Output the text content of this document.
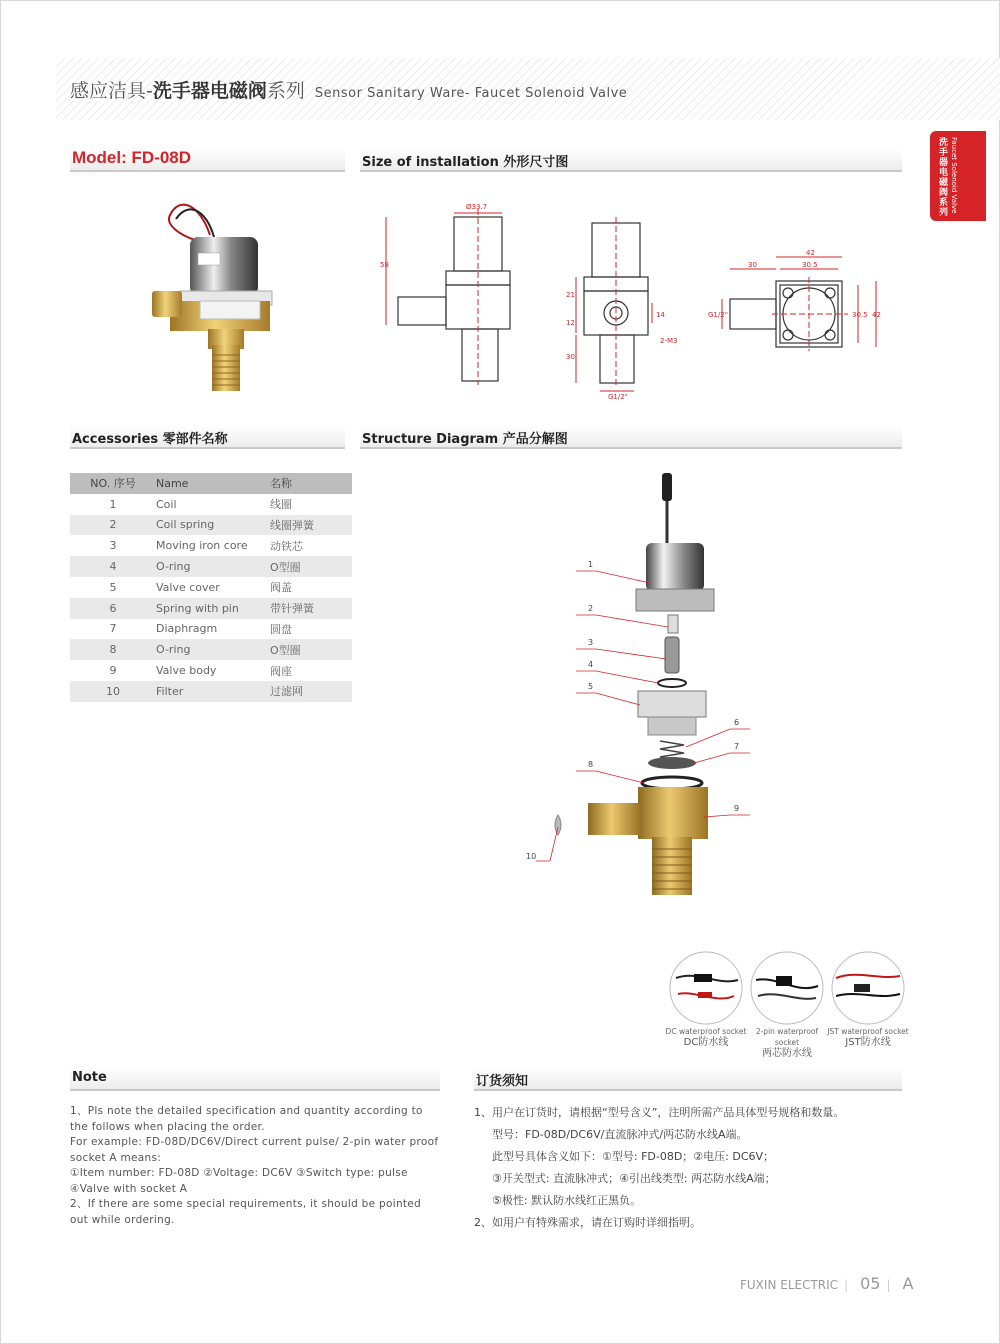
感应洁具-洗手器电磁阀系列 Sensor Sanitary Ware- Faucet Solenoid Valve
洗手器电磁阀系列 Faucet Solenoid Valve
Model: FD-08D	Size of installation 外形尺寸图
Accessories 零部件名称	Structure Diagram 产品分解图
Note	订货须知
Ø33.7
58
21
12
30
14
G1/2"
2-M3
42
30.5
30
G1/2"	30.5 42
NO. 序号	Name	名称
1	Coil	线圈
2	Coil spring	线圈弹簧
3	Moving iron core	动铁芯
4	O-ring	O型圈
5	Valve cover	阀盖
6	Spring with pin	带针弹簧
7	Diaphragm	圆盘
8	O-ring	O型圈
9	Valve body	阀座
10	Filter	过滤网
1
2
3
4
5
6
7
8
9
10
DC waterproof socket
DC防水线
2-pin waterproof socket
两芯防水线
JST waterproof socket
JST防水线
1、Pls note the detailed specification and quantity according to the follows when placing the order.
For example: FD-08D/DC6V/Direct current pulse/ 2-pin water proof socket A means:
①Item number: FD-08D ②Voltage: DC6V ③Switch type: pulse
④Valve with socket A
2、If there are some special requirements, it should be pointed out while ordering.
1、用户在订货时，请根据“型号含义”，注明所需产品具体型号规格和数量。
型号：FD-08D/DC6V/直流脉冲式/两芯防水线A端。
此型号具体含义如下：①型号: FD-08D；②电压: DC6V；
③开关型式: 直流脉冲式；④引出线类型: 两芯防水线A端；
⑤极性: 默认防水线红正黑负。
2、如用户有特殊需求，请在订购时详细指明。
FUXIN ELECTRIC | 05 | A
